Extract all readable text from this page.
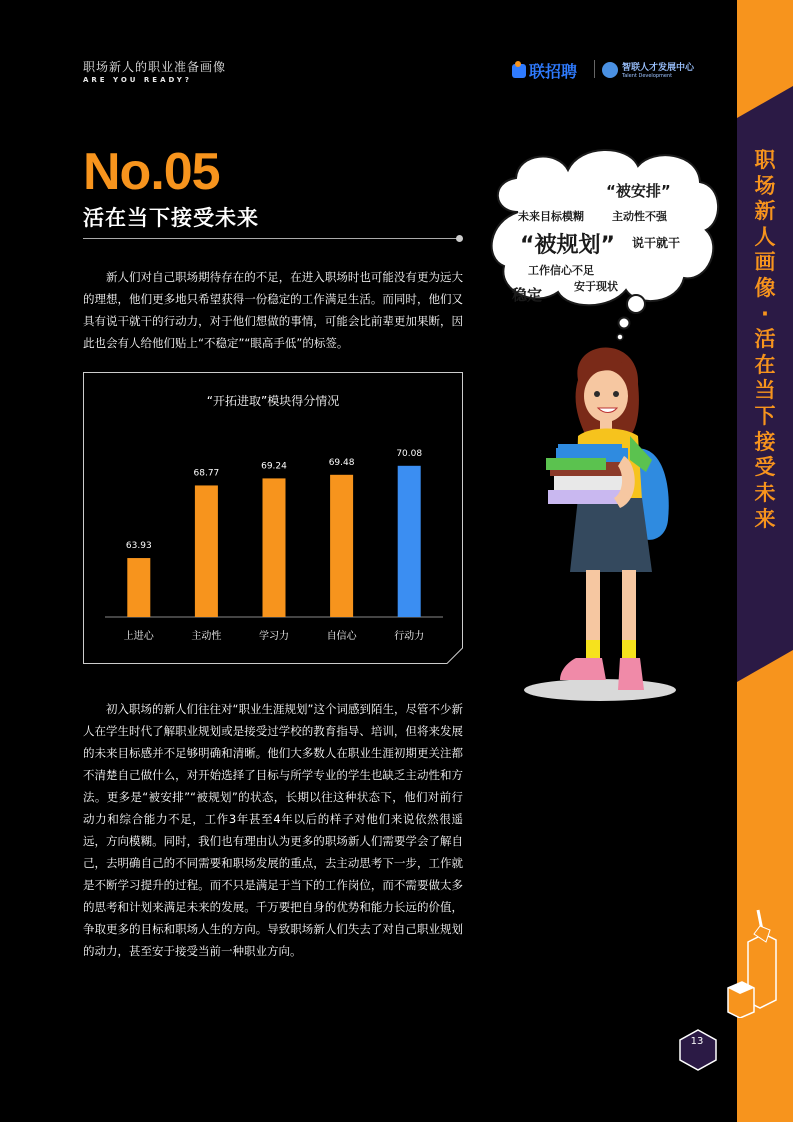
职场新人画像·活在当下接受未来
职场新人的职业准备画像
ARE YOU READY?	联招聘	智联人才发展中心
Talent Development
No.05
活在当下接受未来
新人们对自己职场期待存在的不足，在进入职场时也可能没有更为远大的理想，他们更多地只希望获得一份稳定的工作满足生活。而同时，他们又具有说干就干的行动力，对于他们想做的事情，可能会比前辈更加果断，因此也会有人给他们贴上“不稳定”“眼高手低”的标签。
63.93
上进心
68.77
主动性
69.24
学习力
69.48
自信心
70.08
行动力
“开拓进取”模块得分情况
“被安排”
未来目标模糊	主动性不强
“被规划” 说干就干
工作信心不足
稳定	安于现状
初入职场的新人们往往对“职业生涯规划”这个词感到陌生，尽管不少新人在学生时代了解职业规划或是接受过学校的教育指导、培训，但将来发展的未来目标感并不足够明确和清晰。他们大多数人在职业生涯初期更关注都不清楚自己做什么，对开始选择了目标与所学专业的学生也缺乏主动性和方法。更多是“被安排”“被规划”的状态，长期以往这种状态下，他们对前行动力和综合能力不足，工作3年甚至4年以后的样子对他们来说依然很遥远，方向模糊。同时，我们也有理由认为更多的职场新人们需要学会了解自己，去明确自己的不同需要和职场发展的重点，去主动思考下一步，工作就是不断学习提升的过程。而不只是满足于当下的工作岗位，而不需要做太多的思考和计划来满足未来的发展。千万要把自身的优势和能力长远的价值，争取更多的目标和职场人生的方向。导致职场新人们失去了对自己职业规划的动力，甚至安于接受当前一种职业方向。
13
